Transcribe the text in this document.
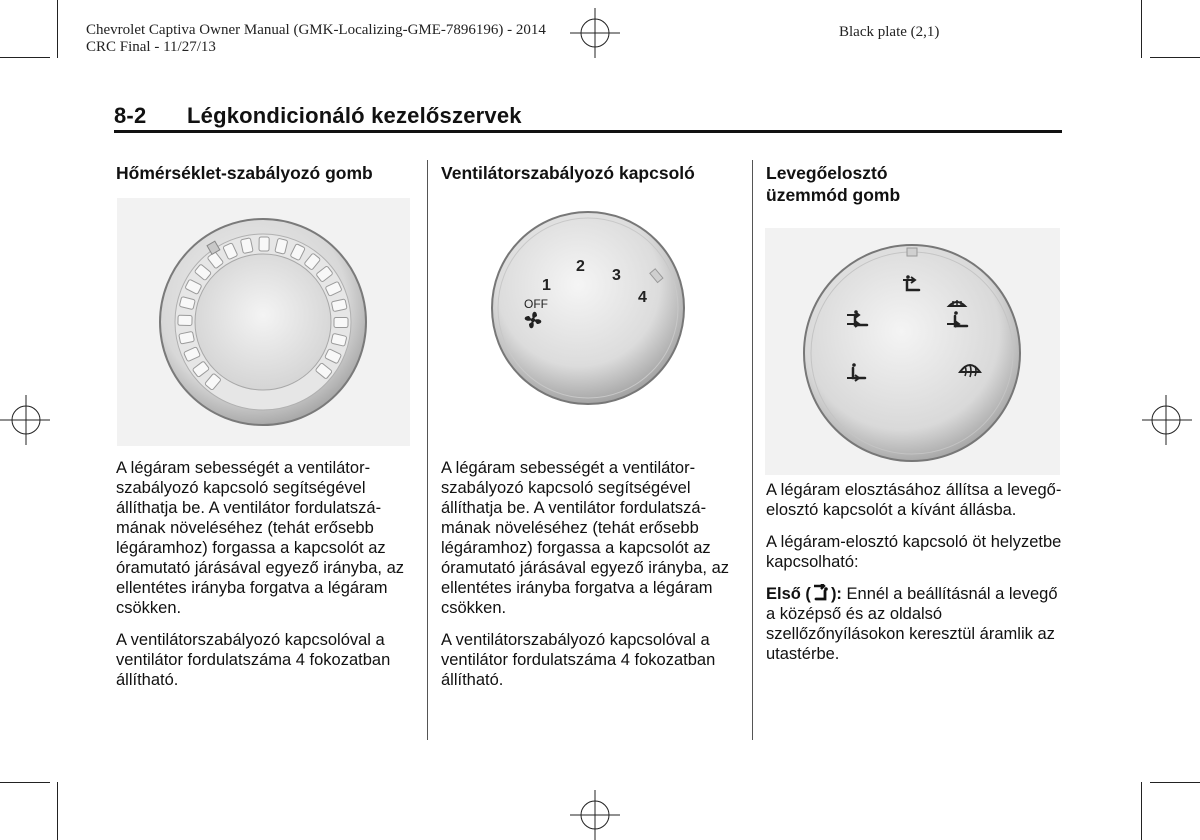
Chevrolet Captiva Owner Manual (GMK-Localizing-GME-7896196) - 2014
CRC Final - 11/27/13
Black plate (2,1)
8-2 Légkondicionáló kezelőszervek
Hőmérséklet-szabályozó gomb

A légáram sebességét a ventilátor-szabályozó kapcsoló segítségével állíthatja be. A ventilátor fordulatszá-mának növeléséhez (tehát erősebb légáramhoz) forgassa a kapcsolót az óramutató járásával egyező irányba, az ellentétes irányba forgatva a légáram csökken.

A ventilátorszabályozó kapcsolóval a ventilátor fordulatszáma 4 fokozatban állítható.

Ventilátorszabályozó kapcsoló
OFF
1
2
3
4

A légáram sebességét a ventilátor-szabályozó kapcsoló segítségével állíthatja be. A ventilátor fordulatszá-mának növeléséhez (tehát erősebb légáramhoz) forgassa a kapcsolót az óramutató járásával egyező irányba, az ellentétes irányba forgatva a légáram csökken.

A ventilátorszabályozó kapcsolóval a ventilátor fordulatszáma 4 fokozatban állítható.

Levegőelosztó
üzemmód gomb

A légáram elosztásához állítsa a levegő-elosztó kapcsolót a kívánt állásba.

A légáram-elosztó kapcsoló öt helyzetbe kapcsolható:

Első ( ): Ennél a beállításnál a levegő a középső és az oldalsó szellőzőnyílásokon keresztül áramlik az utastérbe.
